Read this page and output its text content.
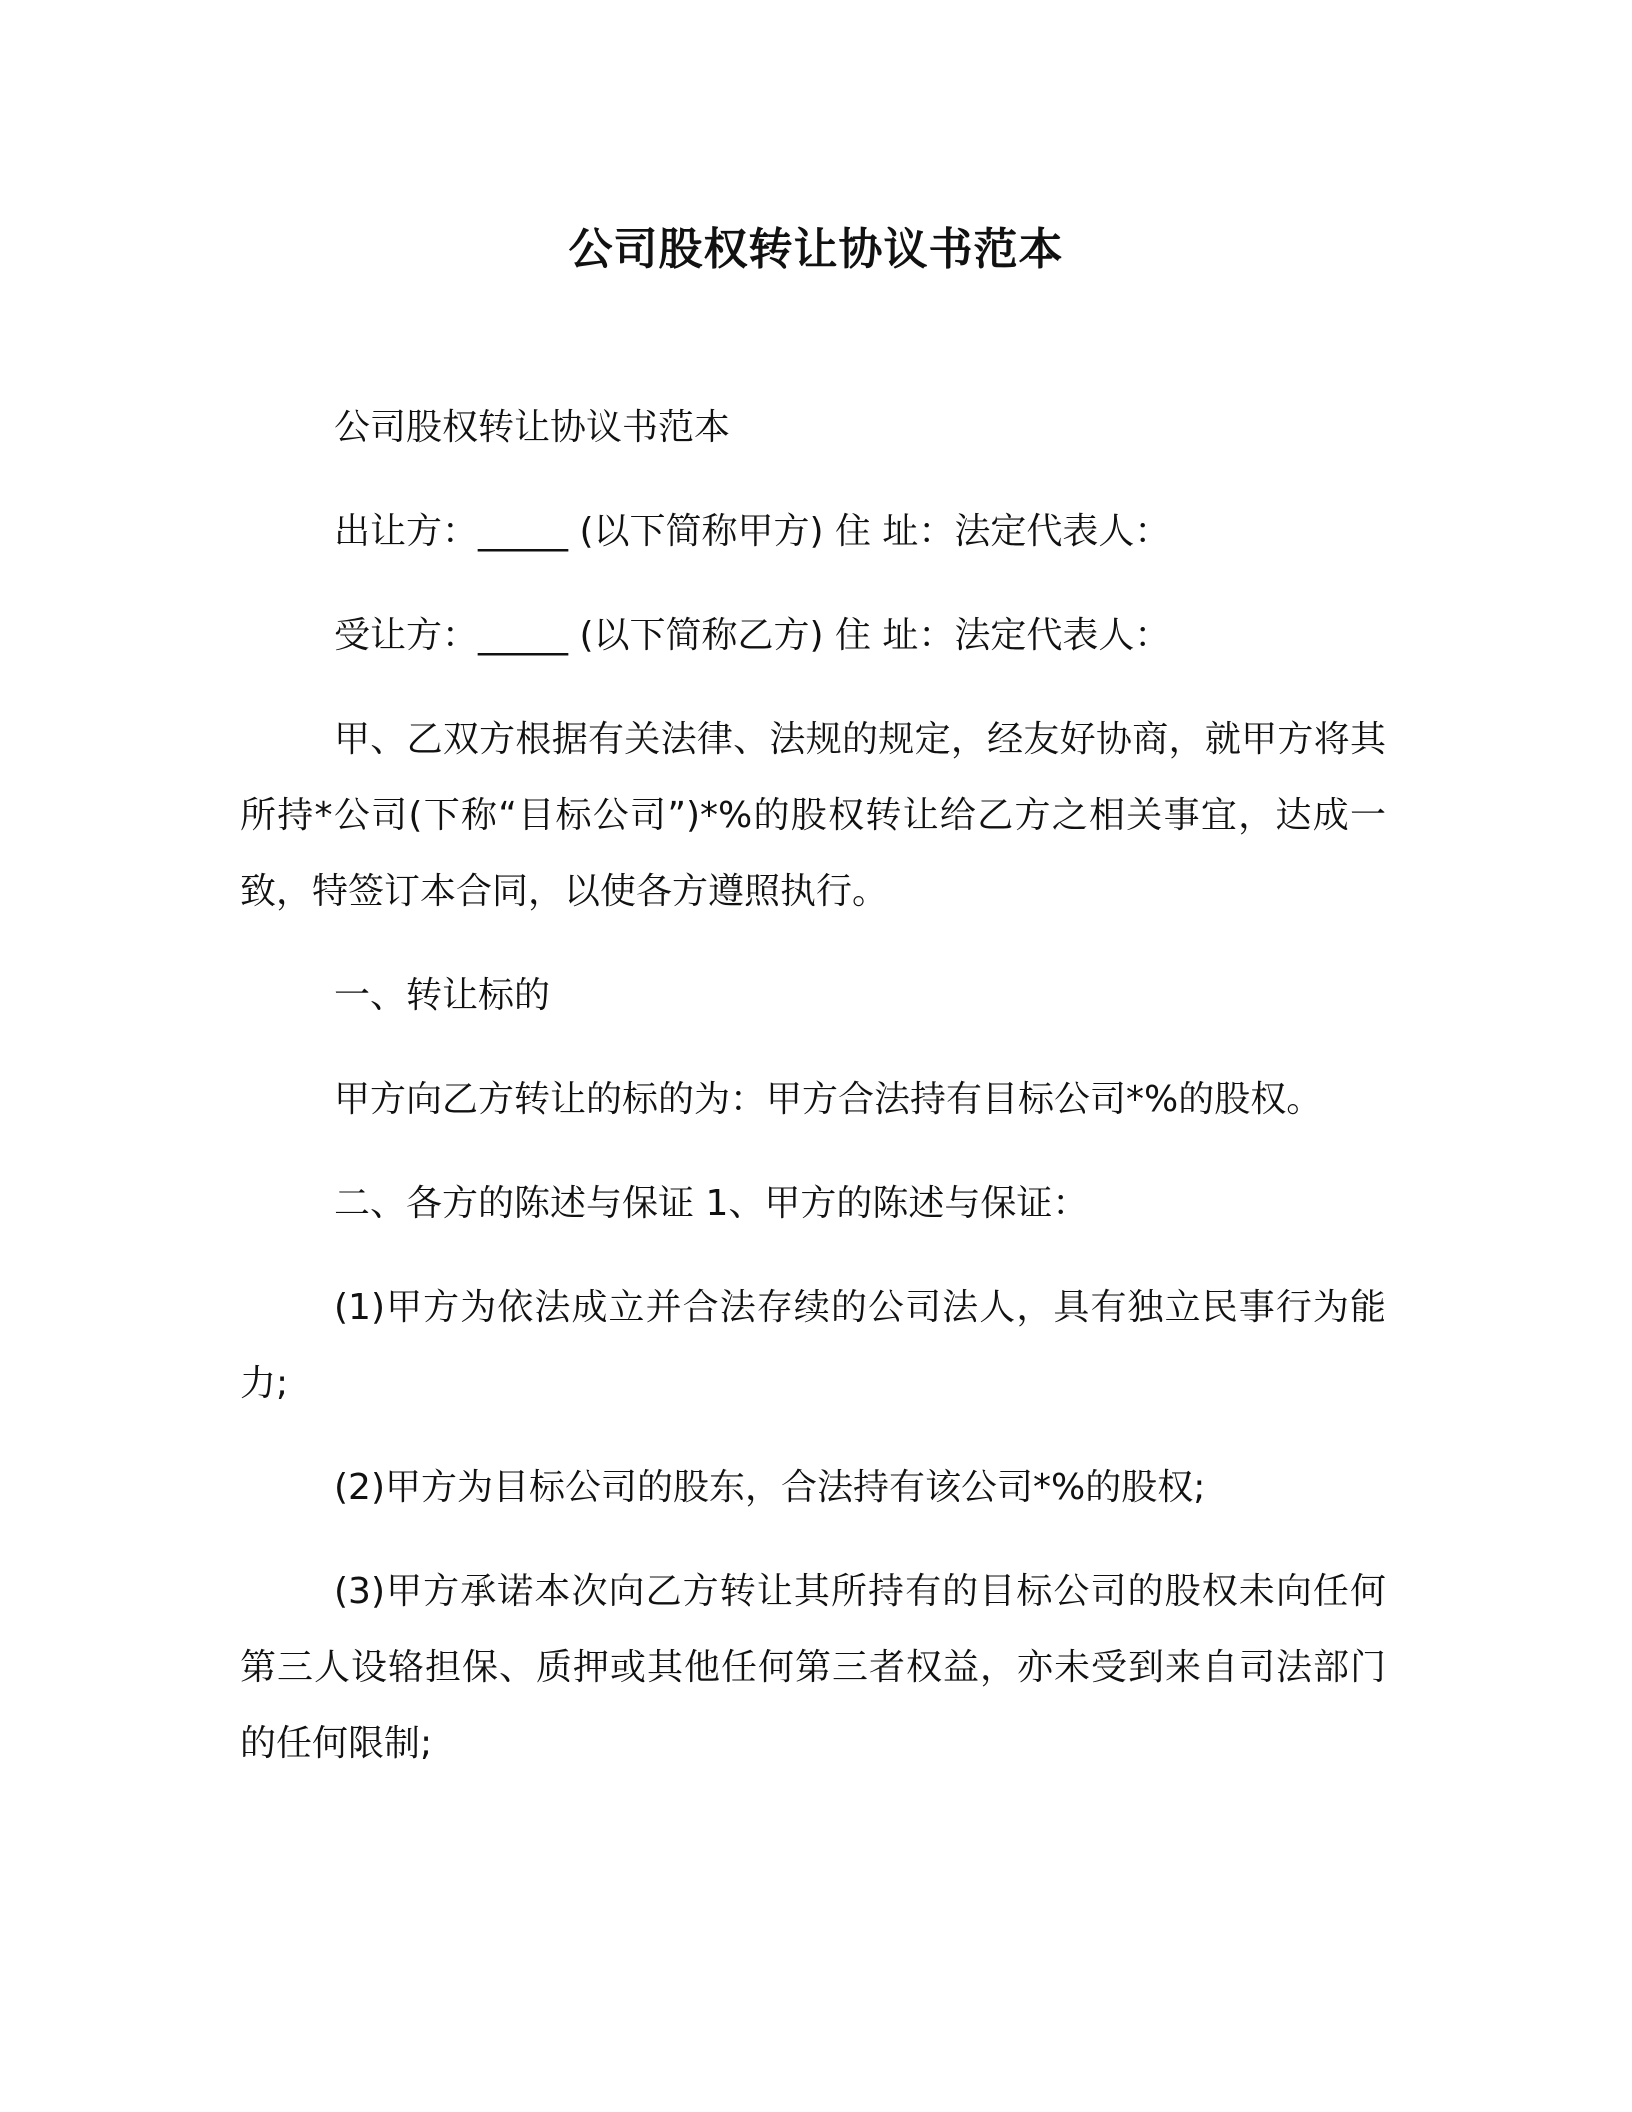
公司股权转让协议书范本

公司股权转让协议书范本

出让方：_____ (以下简称甲方) 住 址：法定代表人：

受让方：_____ (以下简称乙方) 住 址：法定代表人：

甲、乙双方根据有关法律、法规的规定，经友好协商，就甲方将其所持*公司(下称“目标公司”)*%的股权转让给乙方之相关事宜，达成一致，特签订本合同，以使各方遵照执行。

一、转让标的

甲方向乙方转让的标的为：甲方合法持有目标公司*%的股权。

二、各方的陈述与保证 1、甲方的陈述与保证：

(1)甲方为依法成立并合法存续的公司法人，具有独立民事行为能力;

(2)甲方为目标公司的股东，合法持有该公司*%的股权;

(3)甲方承诺本次向乙方转让其所持有的目标公司的股权未向任何第三人设辂担保、质押或其他任何第三者权益，亦未受到来自司法部门的任何限制;
